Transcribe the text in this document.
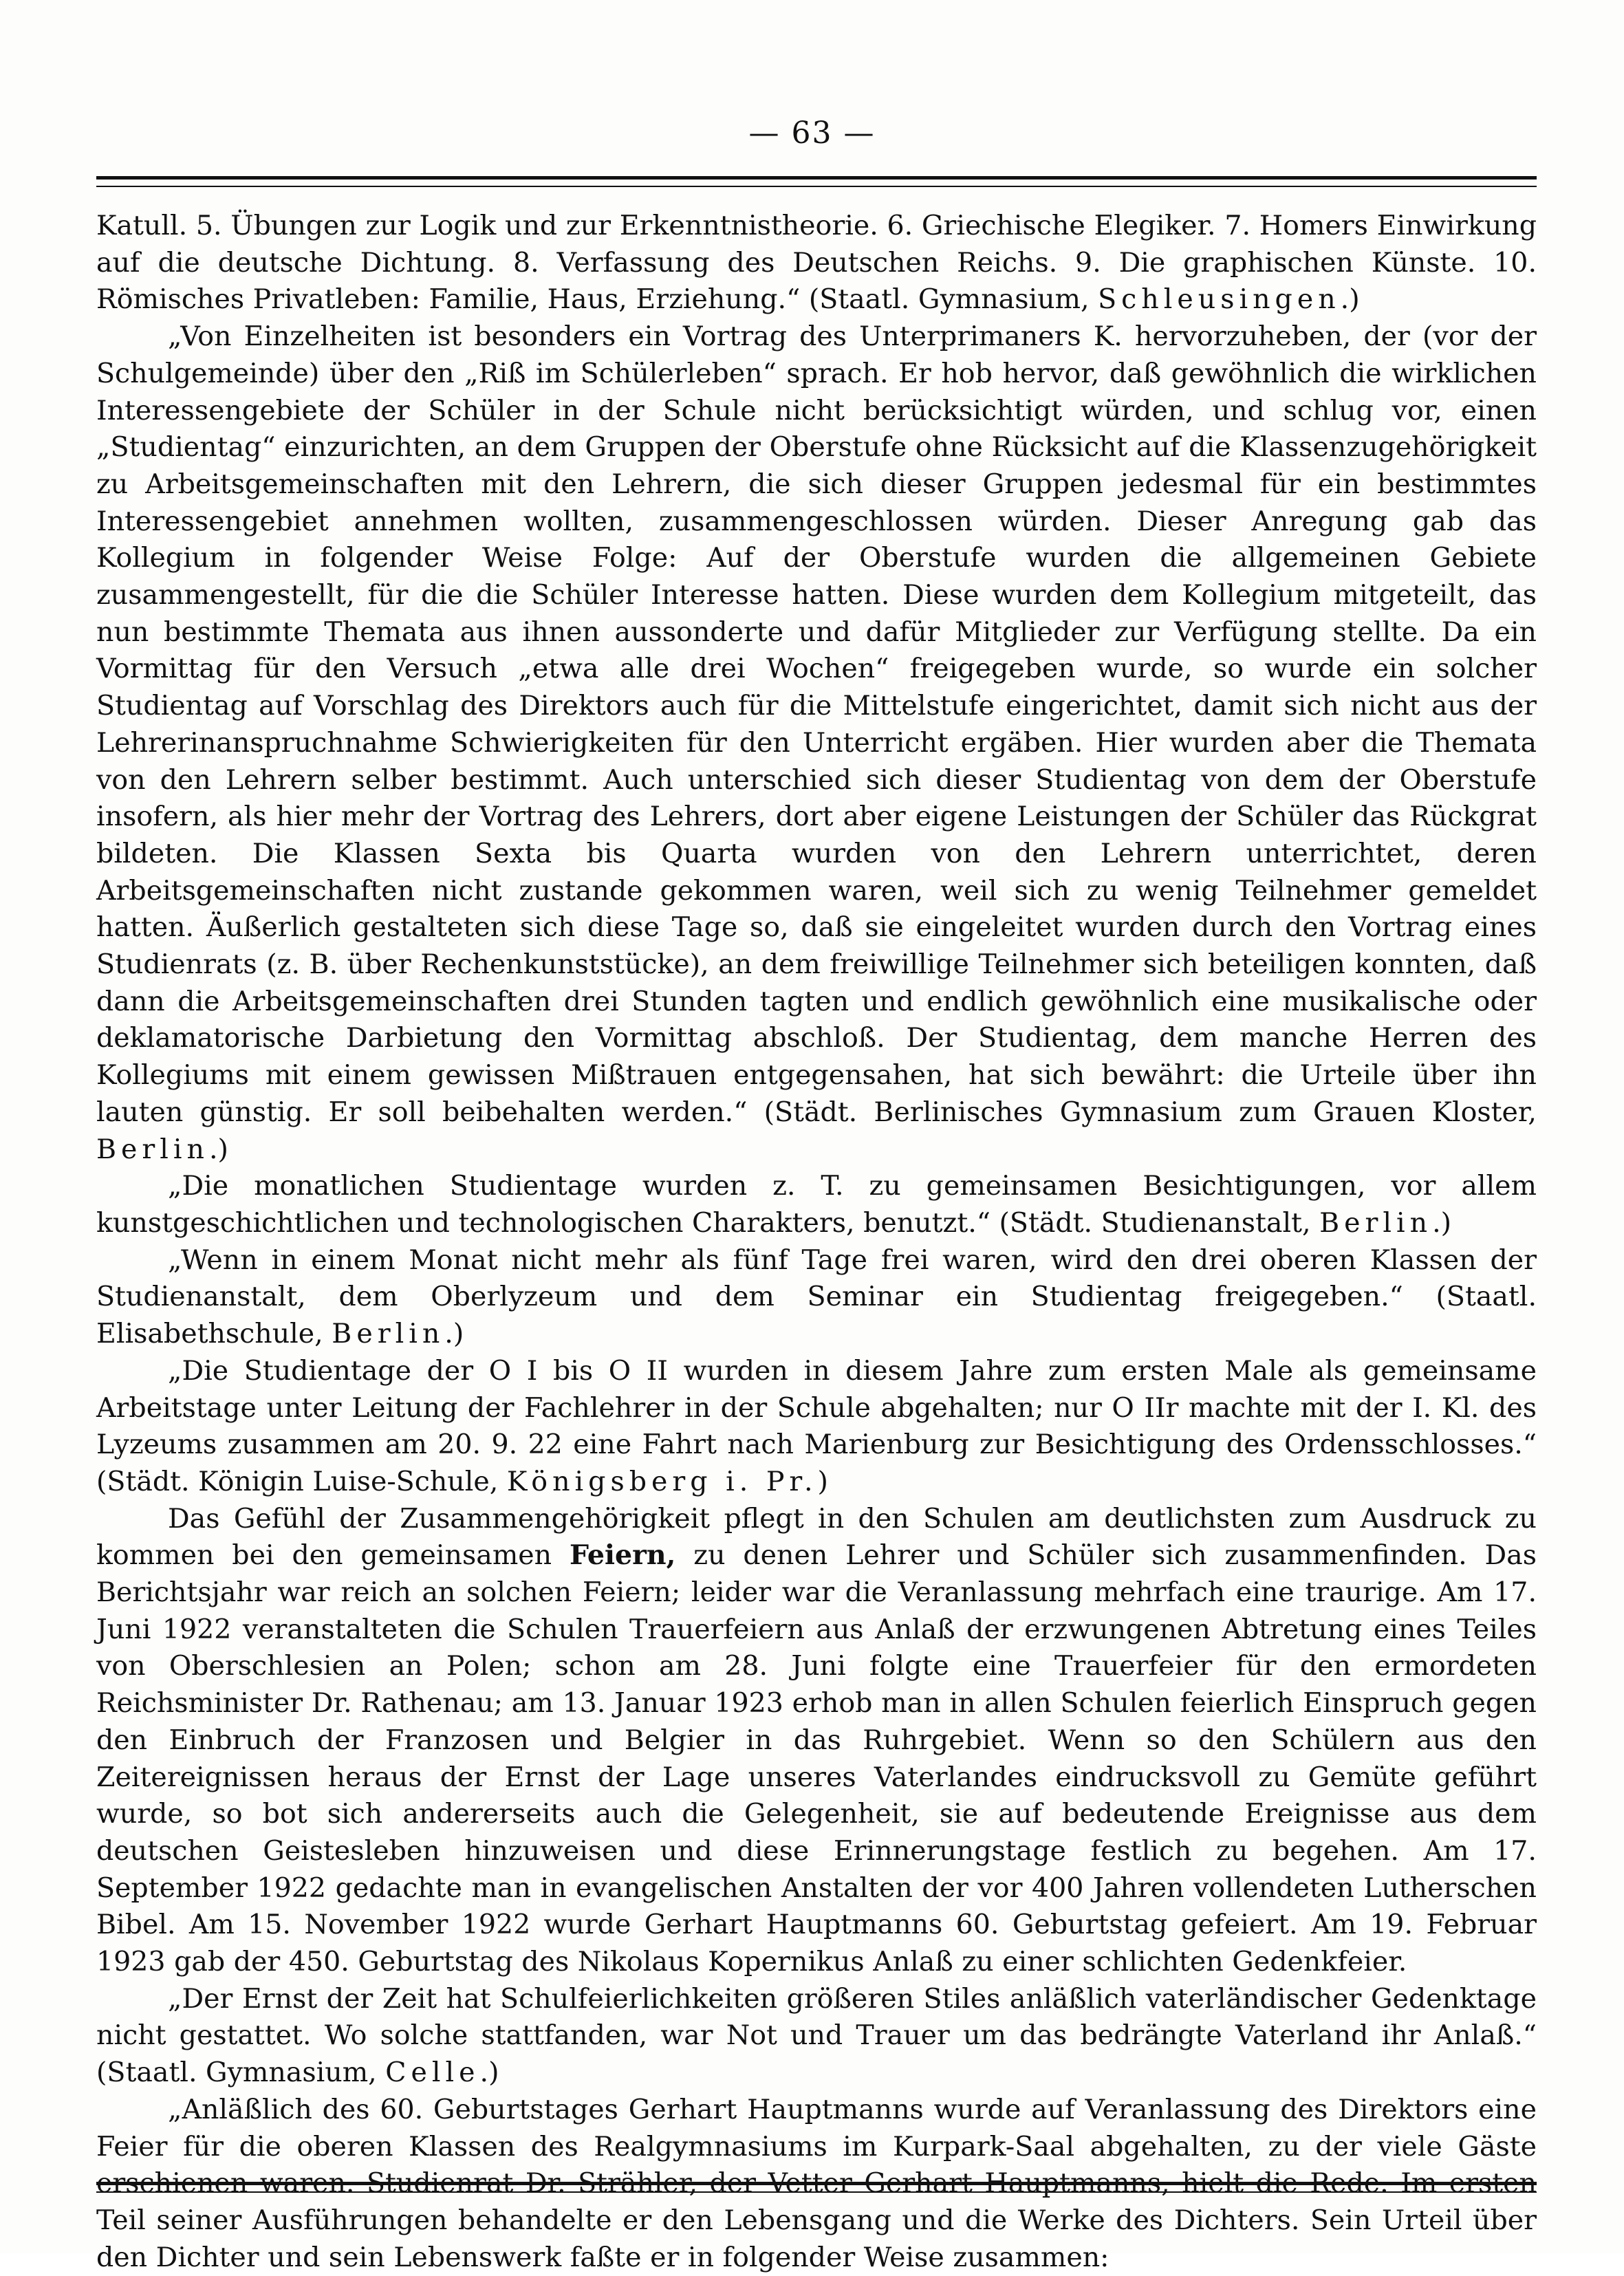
— 63 —

Katull. 5. Übungen zur Logik und zur Erkenntnistheorie. 6. Griechische Elegiker. 7. Homers Einwirkung auf die deutsche Dichtung. 8. Verfassung des Deutschen Reichs. 9. Die graphischen Künste. 10. Römisches Privatleben: Familie, Haus, Erziehung.“ (Staatl. Gymnasium, Schleusingen.)

„Von Einzelheiten ist besonders ein Vortrag des Unterprimaners K. hervorzuheben, der (vor der Schulgemeinde) über den „Riß im Schülerleben“ sprach. Er hob hervor, daß gewöhnlich die wirklichen Interessengebiete der Schüler in der Schule nicht berücksichtigt würden, und schlug vor, einen „Studientag“ einzurichten, an dem Gruppen der Oberstufe ohne Rücksicht auf die Klassenzugehörigkeit zu Arbeitsgemeinschaften mit den Lehrern, die sich dieser Gruppen jedesmal für ein bestimmtes Interessengebiet annehmen wollten, zusammengeschlossen würden. Dieser Anregung gab das Kollegium in folgender Weise Folge: Auf der Oberstufe wurden die allgemeinen Gebiete zusammengestellt, für die die Schüler Interesse hatten. Diese wurden dem Kollegium mitgeteilt, das nun bestimmte Themata aus ihnen aussonderte und dafür Mitglieder zur Verfügung stellte. Da ein Vormittag für den Versuch „etwa alle drei Wochen“ freigegeben wurde, so wurde ein solcher Studientag auf Vorschlag des Direktors auch für die Mittelstufe eingerichtet, damit sich nicht aus der Lehrerinanspruchnahme Schwierigkeiten für den Unterricht ergäben. Hier wurden aber die Themata von den Lehrern selber bestimmt. Auch unterschied sich dieser Studientag von dem der Oberstufe insofern, als hier mehr der Vortrag des Lehrers, dort aber eigene Leistungen der Schüler das Rückgrat bildeten. Die Klassen Sexta bis Quarta wurden von den Lehrern unterrichtet, deren Arbeitsgemeinschaften nicht zustande gekommen waren, weil sich zu wenig Teilnehmer gemeldet hatten. Äußerlich gestalteten sich diese Tage so, daß sie eingeleitet wurden durch den Vortrag eines Studienrats (z. B. über Rechenkunststücke), an dem freiwillige Teilnehmer sich beteiligen konnten, daß dann die Arbeitsgemeinschaften drei Stunden tagten und endlich gewöhnlich eine musikalische oder deklamatorische Darbietung den Vormittag abschloß. Der Studientag, dem manche Herren des Kollegiums mit einem gewissen Mißtrauen entgegensahen, hat sich bewährt: die Urteile über ihn lauten günstig. Er soll beibehalten werden.“ (Städt. Berlinisches Gymnasium zum Grauen Kloster, Berlin.)

„Die monatlichen Studientage wurden z. T. zu gemeinsamen Besichtigungen, vor allem kunstgeschichtlichen und technologischen Charakters, benutzt.“ (Städt. Studienanstalt, Berlin.)

„Wenn in einem Monat nicht mehr als fünf Tage frei waren, wird den drei oberen Klassen der Studienanstalt, dem Oberlyzeum und dem Seminar ein Studientag freigegeben.“ (Staatl. Elisabethschule, Berlin.)

„Die Studientage der O I bis O II wurden in diesem Jahre zum ersten Male als gemeinsame Arbeitstage unter Leitung der Fachlehrer in der Schule abgehalten; nur O IIr machte mit der I. Kl. des Lyzeums zusammen am 20. 9. 22 eine Fahrt nach Marienburg zur Besichtigung des Ordensschlosses.“ (Städt. Königin Luise-Schule, Königsberg i. Pr.)

Das Gefühl der Zusammengehörigkeit pflegt in den Schulen am deutlichsten zum Ausdruck zu kommen bei den gemeinsamen Feiern, zu denen Lehrer und Schüler sich zusammenfinden. Das Berichtsjahr war reich an solchen Feiern; leider war die Veranlassung mehrfach eine traurige. Am 17. Juni 1922 veranstalteten die Schulen Trauerfeiern aus Anlaß der erzwungenen Abtretung eines Teiles von Oberschlesien an Polen; schon am 28. Juni folgte eine Trauerfeier für den ermordeten Reichsminister Dr. Rathenau; am 13. Januar 1923 erhob man in allen Schulen feierlich Einspruch gegen den Einbruch der Franzosen und Belgier in das Ruhrgebiet. Wenn so den Schülern aus den Zeitereignissen heraus der Ernst der Lage unseres Vaterlandes eindrucksvoll zu Gemüte geführt wurde, so bot sich andererseits auch die Gelegenheit, sie auf bedeutende Ereignisse aus dem deutschen Geistesleben hinzuweisen und diese Erinnerungstage festlich zu begehen. Am 17. September 1922 gedachte man in evangelischen Anstalten der vor 400 Jahren vollendeten Lutherschen Bibel. Am 15. November 1922 wurde Gerhart Hauptmanns 60. Geburtstag gefeiert. Am 19. Februar 1923 gab der 450. Geburtstag des Nikolaus Kopernikus Anlaß zu einer schlichten Gedenkfeier.

„Der Ernst der Zeit hat Schulfeierlichkeiten größeren Stiles anläßlich vaterländischer Gedenktage nicht gestattet. Wo solche stattfanden, war Not und Trauer um das bedrängte Vaterland ihr Anlaß.“ (Staatl. Gymnasium, Celle.)

„Anläßlich des 60. Geburtstages Gerhart Hauptmanns wurde auf Veranlassung des Direktors eine Feier für die oberen Klassen des Realgymnasiums im Kurpark-Saal abgehalten, zu der viele Gäste erschienen waren. Studienrat Dr. Strähler, der Vetter Gerhart Hauptmanns, hielt die Rede. Im ersten Teil seiner Ausführungen behandelte er den Lebensgang und die Werke des Dichters. Sein Urteil über den Dichter und sein Lebenswerk faßte er in folgender Weise zusammen:
